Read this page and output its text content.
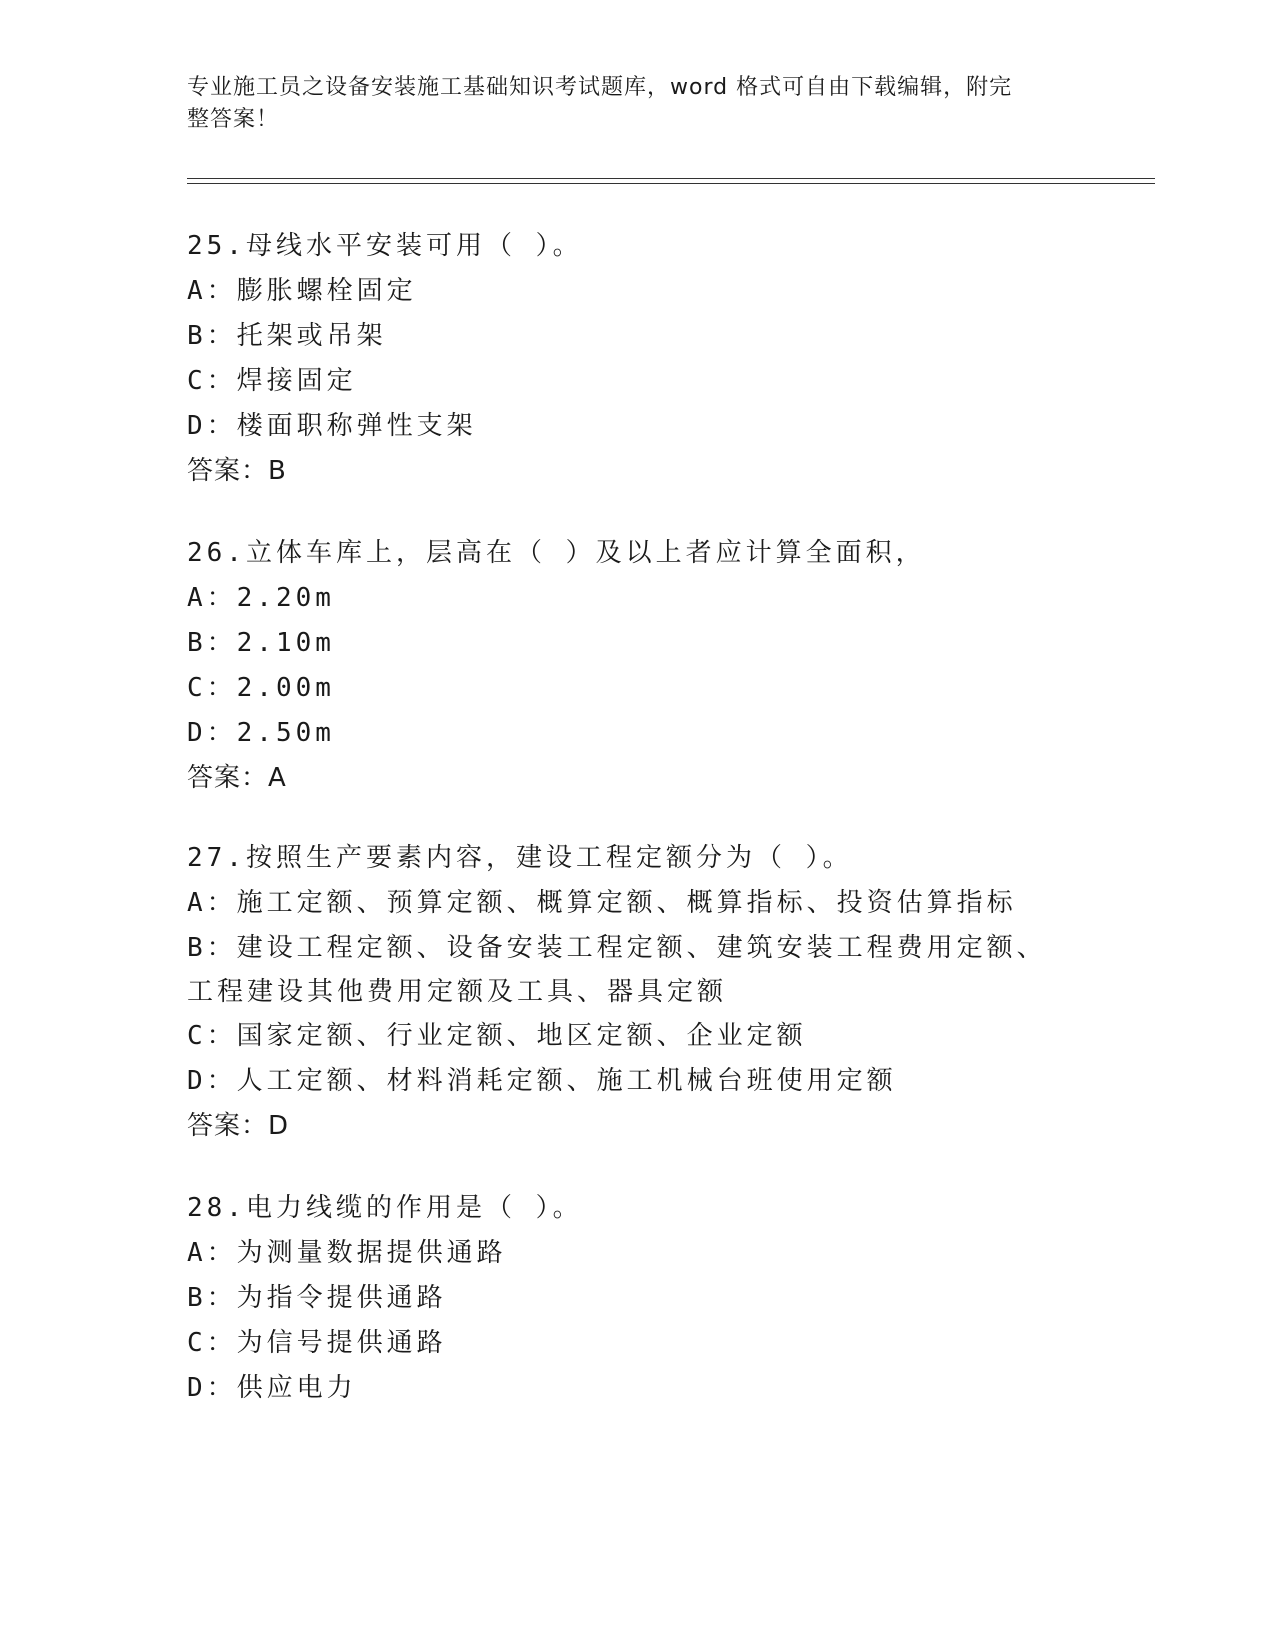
专业施工员之设备安装施工基础知识考试题库，word 格式可自由下载编辑，附完
整答案！
25.母线水平安装可用（ ）。
A：膨胀螺栓固定
B：托架或吊架
C：焊接固定
D：楼面职称弹性支架
答案：B
26.立体车库上，层高在（ ）及以上者应计算全面积，
A：2.20m
B：2.10m
C：2.00m
D：2.50m
答案：A
27.按照生产要素内容，建设工程定额分为（ ）。
A：施工定额、预算定额、概算定额、概算指标、投资估算指标
B：建设工程定额、设备安装工程定额、建筑安装工程费用定额、工程建设其他费用定额及工具、器具定额
C：国家定额、行业定额、地区定额、企业定额
D：人工定额、材料消耗定额、施工机械台班使用定额
答案：D
28.电力线缆的作用是（ ）。
A：为测量数据提供通路
B：为指令提供通路
C：为信号提供通路
D：供应电力
